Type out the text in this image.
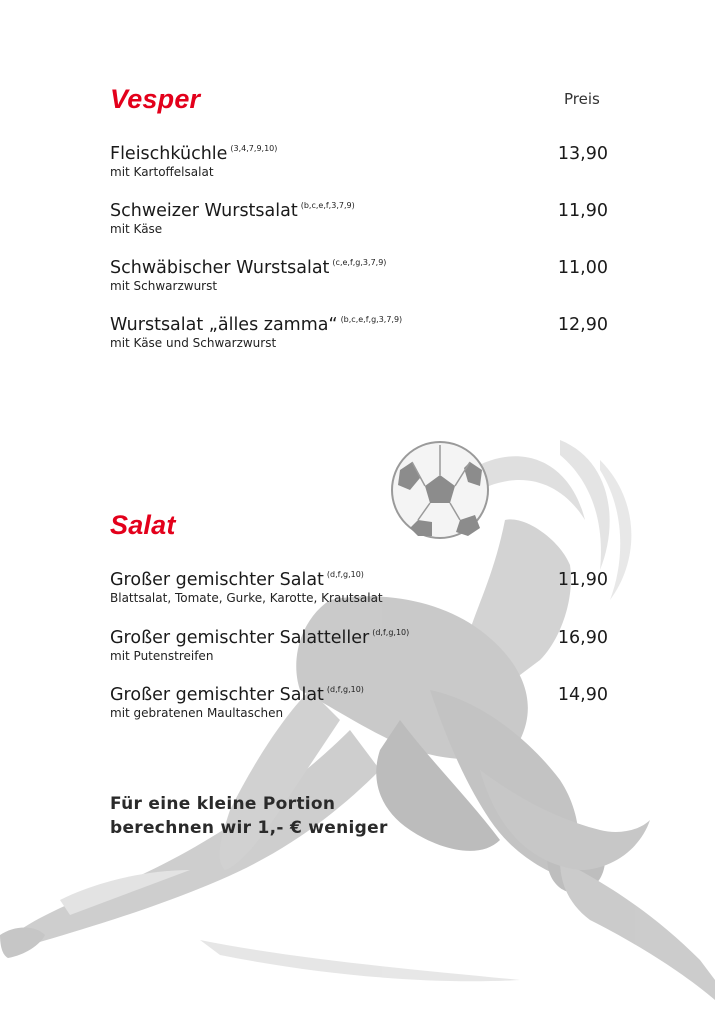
Vesper	Preis
Fleischküchle $^{(3,4,7,9,10)}$
mit Kartoffelsalat
13,90
Schweizer Wurstsalat $^{(b,c,e,f,3,7,9)}$
mit Käse
11,90
Schwäbischer Wurstsalat $^{(c,e,f,g,3,7,9)}$
mit Schwarzwurst
11,00
Wurstsalat „älles zamma“ $^{(b,c,e,f,g,3,7,9)}$
mit Käse und Schwarzwurst
12,90
Salat
Großer gemischter Salat $^{(d,f,g,10)}$
Blattsalat, Tomate, Gurke, Karotte, Krautsalat
11,90
Großer gemischter Salatteller $^{(d,f,g,10)}$
mit Putenstreifen
16,90
Großer gemischter Salat $^{(d,f,g,10)}$
mit gebratenen Maultaschen
14,90

Für eine kleine Portion
berechnen wir 1,- € weniger
